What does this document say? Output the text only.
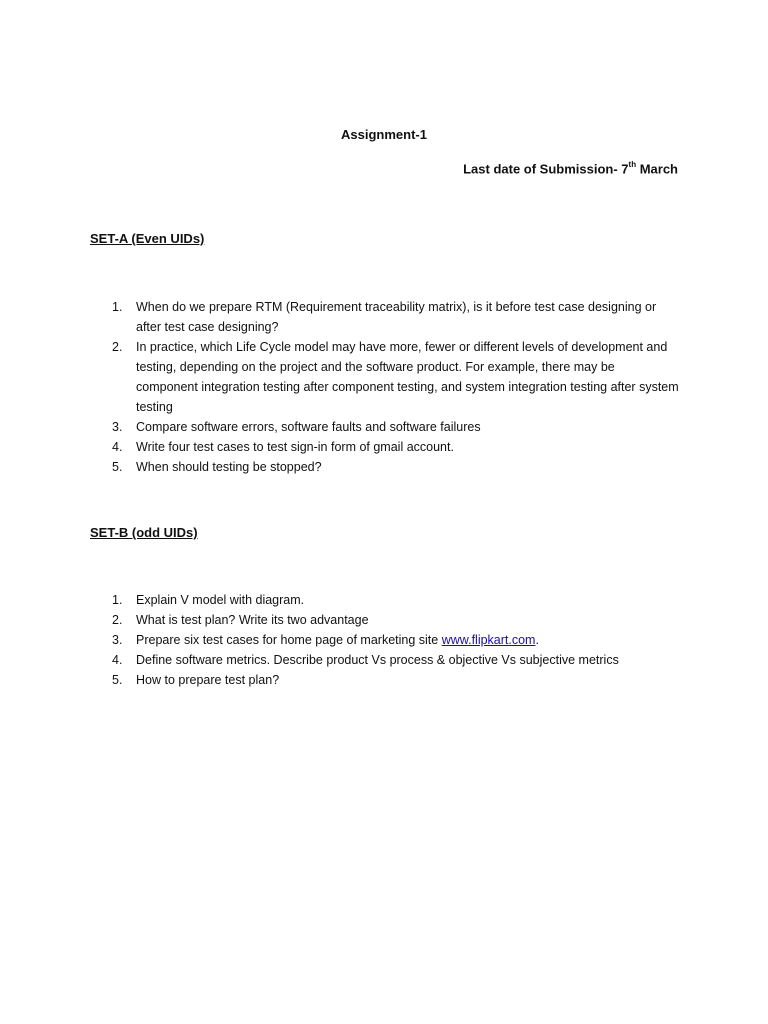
Assignment-1
Last date of Submission- 7th March
SET-A (Even UIDs)
1.	When do we prepare RTM (Requirement traceability matrix), is it before test case designing or after test case designing?
2.	In practice, which Life Cycle model may have more, fewer or different levels of development and testing, depending on the project and the software product. For example, there may be component integration testing after component testing, and system integration testing after system testing
3.	Compare software errors, software faults and software failures
4.	Write four test cases to test sign-in form of gmail account.
5.	When should testing be stopped?
SET-B (odd UIDs)
1.	Explain V model with diagram.
2.	What is test plan? Write its two advantage
3.	Prepare six test cases for home page of marketing site www.flipkart.com.
4.	Define software metrics. Describe product Vs process & objective Vs subjective metrics
5.	How to prepare test plan?
